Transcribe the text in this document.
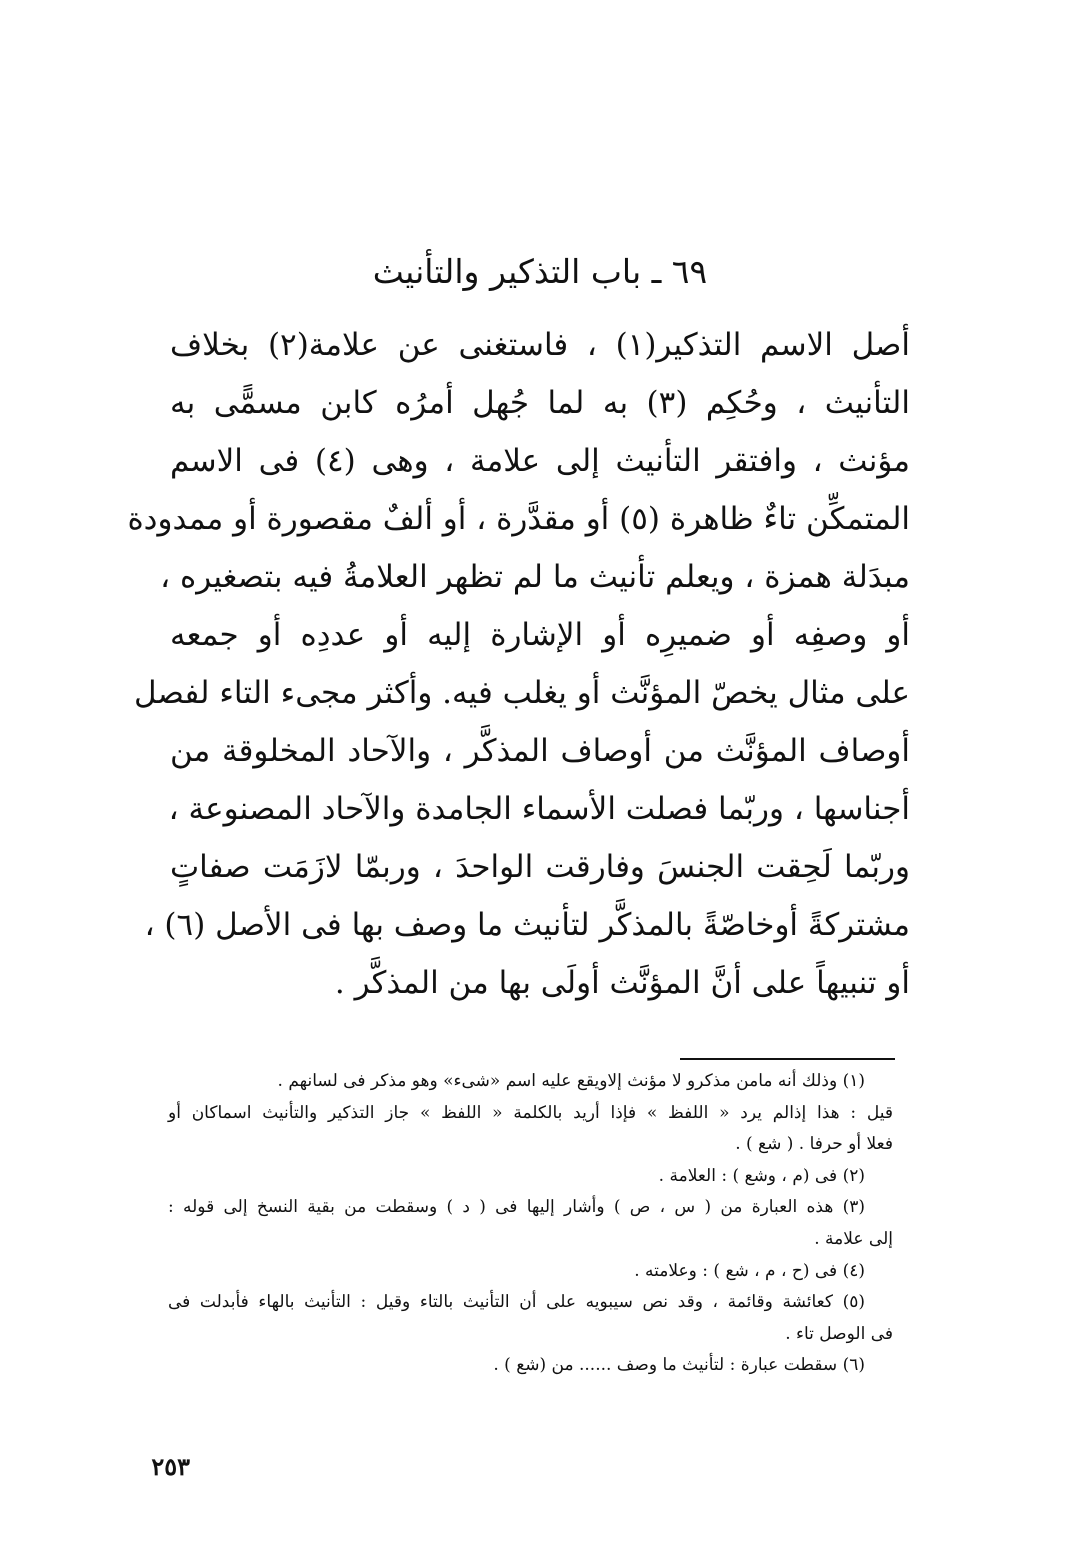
٦٩ ـ باب التذكير والتأنيث
أصل الاسم التذكير(١) ، فاستغنى عن علامة(٢) بخلاف
التأنيث ، وحُكِم (٣) به لما جُهل أمرُه كابن مسمًّى به
مؤنث ، وافتقر التأنيث إلى علامة ، وهى (٤) فى الاسم
المتمكِّن تاءٌ ظاهرة (٥) أو مقدَّرة ، أو ألفٌ مقصورة أو ممدودة
مبدَلة همزة ، ويعلم تأنيث ما لم تظهر العلامةُ فيه بتصغيره ،
أو وصفِه أو ضميرِه أو الإشارة إليه أو عددِه أو جمعه
على مثال يخصّ المؤنَّث أو يغلب فيه. وأكثر مجىء التاء لفصل
أوصاف المؤنَّث من أوصاف المذكَّر ، والآحاد المخلوقة من
أجناسها ، وربّما فصلت الأسماء الجامدة والآحاد المصنوعة ،
وربّما لَحِقت الجنسَ وفارقت الواحدَ ، وربمّا لازَمَت صفاتٍ
مشتركةً أوخاصّةً بالمذكَّر لتأنيث ما وصف بها فى الأصل (٦) ،
أو تنبيهاً على أنَّ المؤنَّث أولَى بها من المذكَّر .
(١) وذلك أنه مامن مذكرو لا مؤنث إلاويقع عليه اسم «شىء» وهو مذكر فى لسانهم .
قيل : هذا إذالم يرد « اللفظ » فإذا أريد بالكلمة « اللفظ » جاز التذكير والتأنيث اسماكان أو
فعلا أو حرفا . ( شع ) .
(٢) فى (م ، وشع ) : العلامة .
(٣) هذه العبارة من ( س ، ص ) وأشار إليها فى ( د ) وسقطت من بقية النسخ إلى قوله :
إلى علامة .
(٤) فى (ح ، م ، شع ) : وعلامته .
(٥) كعائشة وقائمة ، وقد نص سيبويه على أن التأنيث بالتاء وقيل : التأنيث بالهاء فأبدلت فى
فى الوصل تاء .
(٦) سقطت عبارة : لتأنيث ما وصف ...... من (شع ) .
٢٥٣
